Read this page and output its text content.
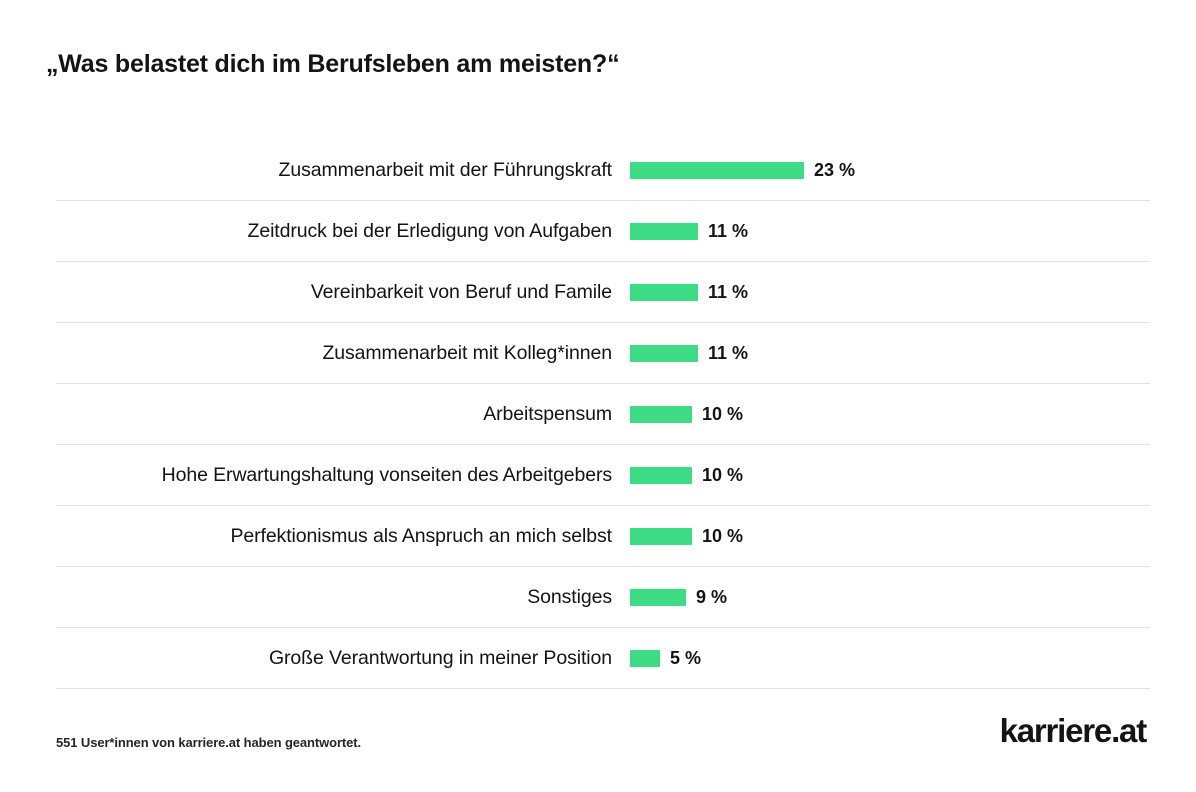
„Was belastet dich im Berufsleben am meisten?“
Zusammenarbeit mit der Führungskraft	23 %
Zeitdruck bei der Erledigung von Aufgaben	11 %
Vereinbarkeit von Beruf und Famile	11 %
Zusammenarbeit mit Kolleg*innen	11 %
Arbeitspensum	10 %
Hohe Erwartungshaltung vonseiten des Arbeitgebers	10 %
Perfektionismus als Anspruch an mich selbst	10 %
Sonstiges	9 %
Große Verantwortung in meiner Position	5 %
551 User*innen von karriere.at haben geantwortet.	karriere.at
